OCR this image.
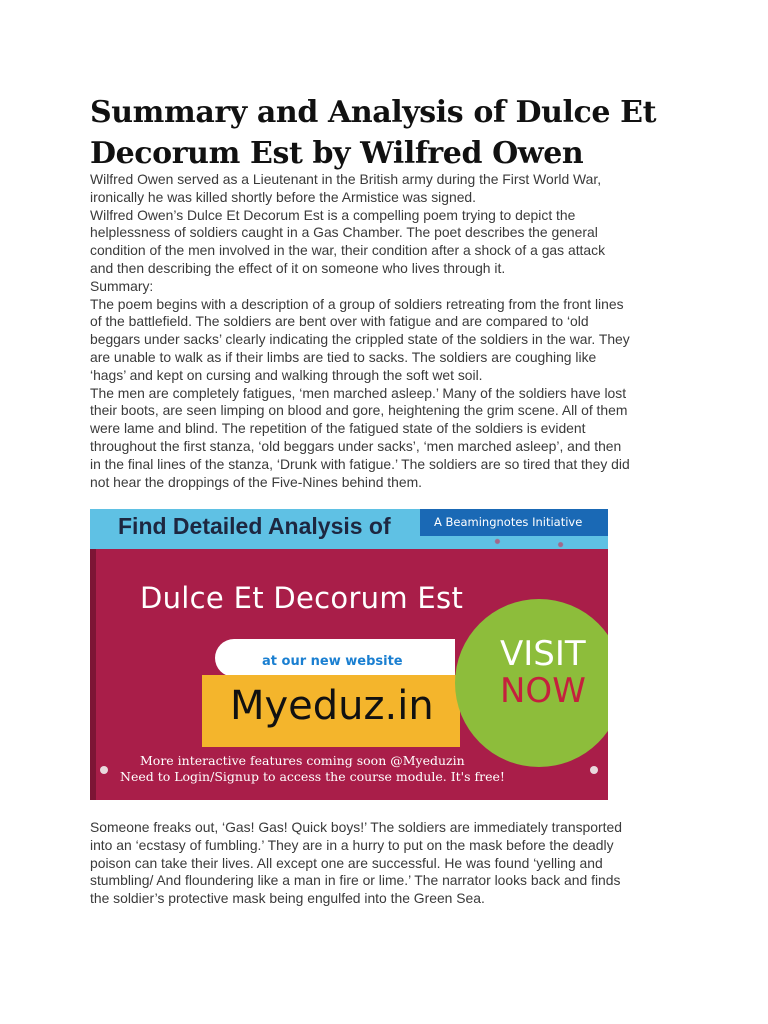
Summary and Analysis of Dulce Et Decorum Est by Wilfred Owen

Wilfred Owen served as a Lieutenant in the British army during the First World War,

ironically he was killed shortly before the Armistice was signed.

Wilfred Owen’s Dulce Et Decorum Est is a compelling poem trying to depict the

helplessness of soldiers caught in a Gas Chamber. The poet describes the general

condition of the men involved in the war, their condition after a shock of a gas attack

and then describing the effect of it on someone who lives through it.

Summary:

The poem begins with a description of a group of soldiers retreating from the front lines

of the battlefield. The soldiers are bent over with fatigue and are compared to ‘old

beggars under sacks’ clearly indicating the crippled state of the soldiers in the war. They

are unable to walk as if their limbs are tied to sacks. The soldiers are coughing like

‘hags’ and kept on cursing and walking through the soft wet soil.

The men are completely fatigues, ‘men marched asleep.’ Many of the soldiers have lost

their boots, are seen limping on blood and gore, heightening the grim scene. All of them

were lame and blind. The repetition of the fatigued state of the soldiers is evident

throughout the first stanza, ‘old beggars under sacks’, ‘men marched asleep’, and then

in the final lines of the stanza, ‘Drunk with fatigue.’ The soldiers are so tired that they did

not hear the droppings of the Five-Nines behind them.

Find Detailed Analysis of	A Beamingnotes Initiative
Dulce Et Decorum Est
at our new website
Myeduz.in
VISIT
NOW
More interactive features coming soon @Myeduzin
Need to Login/Signup to access the course module. It's free!

Someone freaks out, ‘Gas! Gas! Quick boys!’ The soldiers are immediately transported

into an ‘ecstasy of fumbling.’ They are in a hurry to put on the mask before the deadly

poison can take their lives. All except one are successful. He was found ‘yelling and

stumbling/ And floundering like a man in fire or lime.’ The narrator looks back and finds

the soldier’s protective mask being engulfed into the Green Sea.
